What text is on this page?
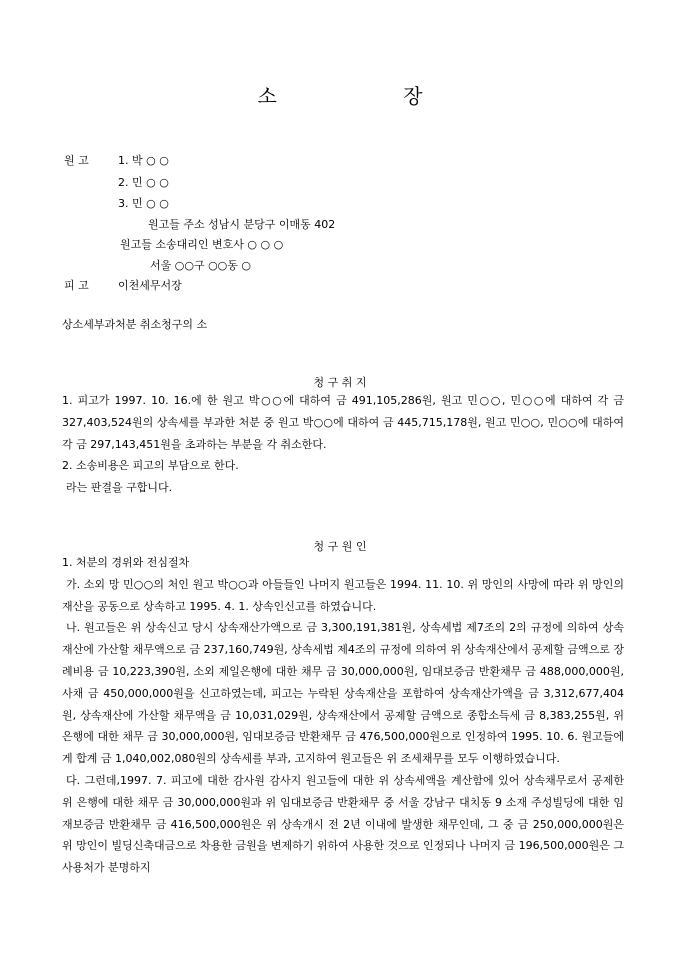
소 장
원 고	1. 박 ○ ○
2. 민 ○ ○
3. 민 ○ ○
원고들 주소 성남시 분당구 이매동 402
원고들 소송대리인 변호사 ○ ○ ○
서울 ○○구 ○○동 ○
피 고	이천세무서장
상소세부과처분 취소청구의 소
청 구 취 지

1. 피고가 1997. 10. 16.에 한 원고 박○○에 대하여 금 491,105,286원, 원고 민○○, 민○○에 대하여 각 금 327,403,524원의 상속세를 부과한 처분 중 원고 박○○에 대하여 금 445,715,178원, 원고 민○○, 민○○에 대하여 각 금 297,143,451원을 초과하는 부분을 각 취소한다.

2. 소송비용은 피고의 부담으로 한다.

라는 판결을 구합니다.

청 구 원 인

1. 처분의 경위와 전심절차

가. 소외 망 민○○의 처인 원고 박○○과 아들들인 나머지 원고들은 1994. 11. 10. 위 망인의 사망에 따라 위 망인의 재산을 공동으로 상속하고 1995. 4. 1. 상속인신고를 하였습니다.

나. 원고들은 위 상속신고 당시 상속재산가액으로 금 3,300,191,381원, 상속세법 제7조의 2의 규정에 의하여 상속재산에 가산할 채무액으로 금 237,160,749원, 상속세법 제4조의 규정에 의하여 위 상속재산에서 공제할 금액으로 장례비용 금 10,223,390원, 소외 제일은행에 대한 채무 금 30,000,000원, 임대보증금 반환채무 금 488,000,000원, 사채 금 450,000,000원을 신고하였는데, 피고는 누락된 상속재산을 포함하여 상속재산가액을 금 3,312,677,404원, 상속재산에 가산할 채무액을 금 10,031,029원, 상속재산에서 공제할 금액으로 종합소득세 금 8,383,255원, 위 은행에 대한 채무 금 30,000,000원, 임대보증금 반환채무 금 476,500,000원으로 인정하여 1995. 10. 6. 원고들에게 합계 금 1,040,002,080원의 상속세를 부과, 고지하여 원고들은 위 조세채무를 모두 이행하였습니다.

다. 그런데,1997. 7. 피고에 대한 감사원 감사지 원고들에 대한 위 상속세액을 계산함에 있어 상속채무로서 공제한 위 은행에 대한 채무 금 30,000,000원과 위 임대보증금 반환채무 중 서울 강남구 대치동 9 소재 주성빌딩에 대한 임재보증금 반환채무 금 416,500,000원은 위 상속개시 전 2년 이내에 발생한 채무인데, 그 중 금 250,000,000원은 위 망인이 빌딩신축대금으로 차용한 금원을 변제하기 위하여 사용한 것으로 인정되나 나머지 금 196,500,000원은 그 사용처가 분명하지
